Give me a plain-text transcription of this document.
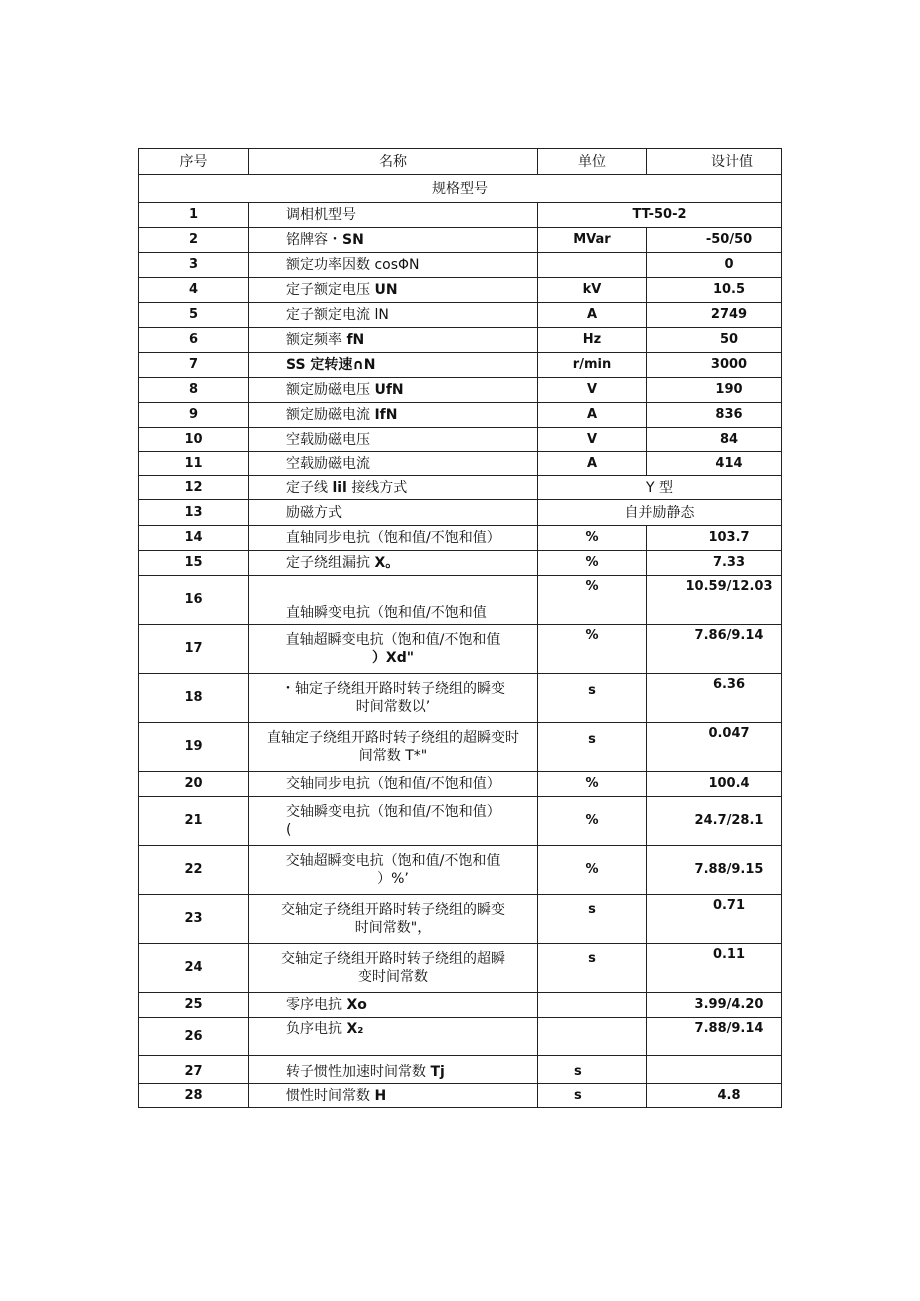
序号	名称	单位	设计值
规格型号			
1	调相机型号	TT-50-2	
2	铭牌容・SN	MVar	-50/50
3	额定功率因数 cosΦN		0
4	定子额定电压 UN	kV	10.5
5	定子额定电流 lN	A	2749
6	额定频率 fN	Hz	50
7	SS 定转速∩N	r/min	3000
8	额定励磁电压 UfN	V	190
9	额定励磁电流 IfN	A	836
10	空载励磁电压	V	84
11	空载励磁电流	A	414
12	定子线 lil 接线方式	Y 型	
13	励磁方式	自并励静态	
14	直轴同步电抗（饱和值/不饱和值）	%	103.7
15	定子绕组漏抗 X。	%	7.33
16	直轴瞬变电抗（饱和值/不饱和值	%	10.59/12.03
17	直轴超瞬变电抗（饱和值/不饱和值
）Xd"	%	7.86/9.14
18	・轴定子绕组开路时转子绕组的瞬变
时间常数以’	s	6.36
19	直轴定子绕组开路时转子绕组的超瞬变时
间常数 T*"	s	0.047
20	交轴同步电抗（饱和值/不饱和值）	%	100.4
21	交轴瞬变电抗（饱和值/不饱和值）
(	%	24.7/28.1
22	交轴超瞬变电抗（饱和值/不饱和值
）%’	%	7.88/9.15
23	交轴定子绕组开路时转子绕组的瞬变
时间常数"，	s	0.71
24	交轴定子绕组开路时转子绕组的超瞬
变时间常数	s	0.11
25	零序电抗 Xo		3.99/4.20
26	负序电抗 X₂		7.88/9.14
27	转子惯性加速时间常数 Tj	s	
28	惯性时间常数 H	s	4.8
